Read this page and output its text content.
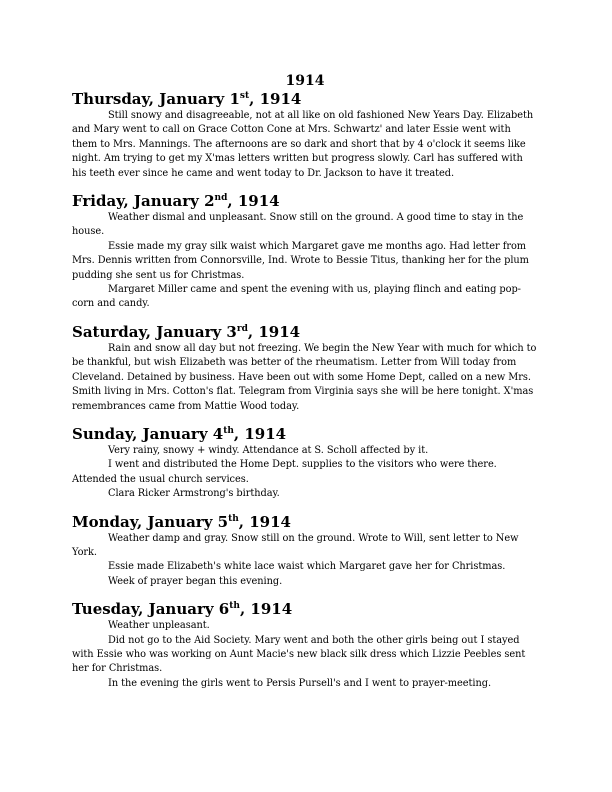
1914
Thursday, January 1st, 1914

Still snowy and disagreeable, not at all like on old fashioned New Years Day. Elizabeth and Mary went to call on Grace Cotton Cone at Mrs. Schwartz' and later Essie went with them to Mrs. Mannings. The afternoons are so dark and short that by 4 o'clock it seems like night. Am trying to get my X'mas letters written but progress slowly. Carl has suffered with his teeth ever since he came and went today to Dr. Jackson to have it treated.

Friday, January 2nd, 1914

Weather dismal and unpleasant. Snow still on the ground. A good time to stay in the house.

Essie made my gray silk waist which Margaret gave me months ago. Had letter from Mrs. Dennis written from Connorsville, Ind. Wrote to Bessie Titus, thanking her for the plum pudding she sent us for Christmas.

Margaret Miller came and spent the evening with us, playing flinch and eating pop-corn and candy.

Saturday, January 3rd, 1914

Rain and snow all day but not freezing. We begin the New Year with much for which to be thankful, but wish Elizabeth was better of the rheumatism. Letter from Will today from Cleveland. Detained by business. Have been out with some Home Dept, called on a new Mrs. Smith living in Mrs. Cotton's flat. Telegram from Virginia says she will be here tonight. X'mas remembrances came from Mattie Wood today.

Sunday, January 4th, 1914

Very rainy, snowy + windy. Attendance at S. Scholl affected by it.

I went and distributed the Home Dept. supplies to the visitors who were there. Attended the usual church services.

Clara Ricker Armstrong's birthday.

Monday, January 5th, 1914

Weather damp and gray. Snow still on the ground. Wrote to Will, sent letter to New York.

Essie made Elizabeth's white lace waist which Margaret gave her for Christmas.

Week of prayer began this evening.

Tuesday, January 6th, 1914

Weather unpleasant.

Did not go to the Aid Society. Mary went and both the other girls being out I stayed with Essie who was working on Aunt Macie's new black silk dress which Lizzie Peebles sent her for Christmas.

In the evening the girls went to Persis Pursell's and I went to prayer-meeting.
